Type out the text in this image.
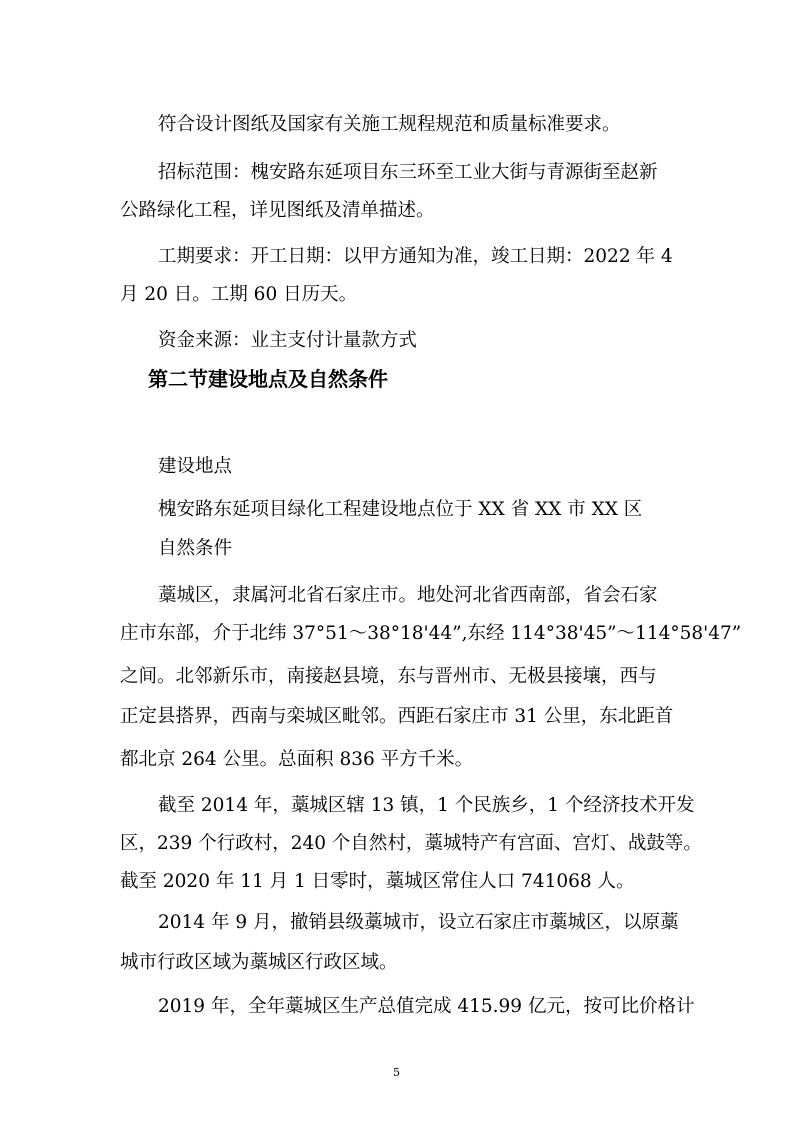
符合设计图纸及国家有关施工规程规范和质量标准要求。

招标范围：槐安路东延项目东三环至工业大街与青源街至赵新

公路绿化工程，详见图纸及清单描述。

工期要求：开工日期：以甲方通知为准，竣工日期：2022 年 4

月 20 日。工期 60 日历天。

资金来源：业主支付计量款方式

第二节建设地点及自然条件

建设地点

槐安路东延项目绿化工程建设地点位于 XX 省 XX 市 XX 区

自然条件

藁城区，隶属河北省石家庄市。地处河北省西南部，省会石家

庄市东部，介于北纬 37°51～38°18'44”,东经 114°38'45”～114°58'47”

之间。北邻新乐市，南接赵县境，东与晋州市、无极县接壤，西与

正定县搭界，西南与栾城区毗邻。西距石家庄市 31 公里，东北距首

都北京 264 公里。总面积 836 平方千米。

截至 2014 年，藁城区辖 13 镇，1 个民族乡，1 个经济技术开发

区，239 个行政村，240 个自然村，藁城特产有宫面、宫灯、战鼓等。

截至 2020 年 11 月 1 日零时，藁城区常住人口 741068 人。

2014 年 9 月，撤销县级藁城市，设立石家庄市藁城区，以原藁

城市行政区域为藁城区行政区域。

2019 年，全年藁城区生产总值完成 415.99 亿元，按可比价格计

5
